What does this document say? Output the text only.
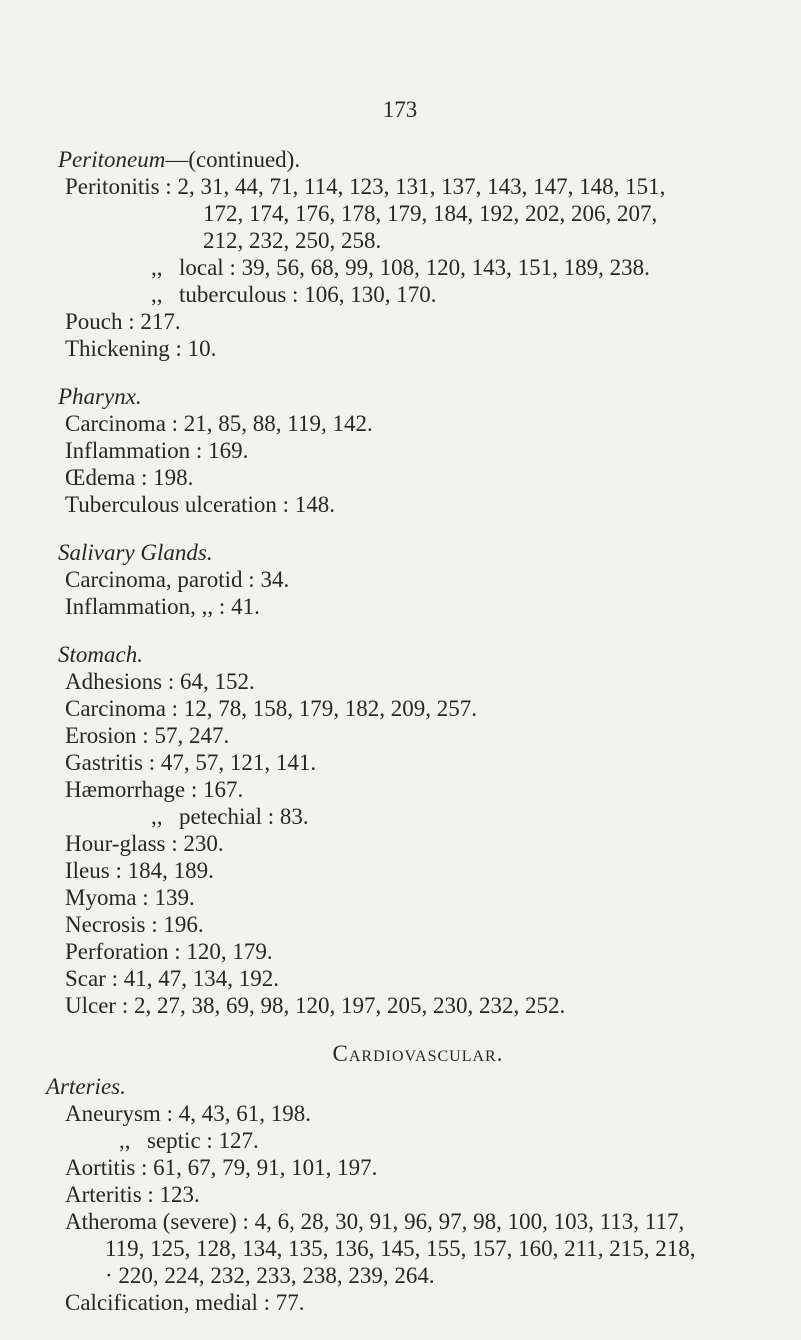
173
Peritoneum—(continued).
Peritonitis : 2, 31, 44, 71, 114, 123, 131, 137, 143, 147, 148, 151,
172, 174, 176, 178, 179, 184, 192, 202, 206, 207,
212, 232, 250, 258.
,, local : 39, 56, 68, 99, 108, 120, 143, 151, 189, 238.
,, tuberculous : 106, 130, 170.
Pouch : 217.
Thickening : 10.
Pharynx.
Carcinoma : 21, 85, 88, 119, 142.
Inflammation : 169.
Œdema : 198.
Tuberculous ulceration : 148.
Salivary Glands.
Carcinoma, parotid : 34.
Inflammation, ,, : 41.
Stomach.
Adhesions : 64, 152.
Carcinoma : 12, 78, 158, 179, 182, 209, 257.
Erosion : 57, 247.
Gastritis : 47, 57, 121, 141.
Hæmorrhage : 167.
,, petechial : 83.
Hour-glass : 230.
Ileus : 184, 189.
Myoma : 139.
Necrosis : 196.
Perforation : 120, 179.
Scar : 41, 47, 134, 192.
Ulcer : 2, 27, 38, 69, 98, 120, 197, 205, 230, 232, 252.
Cardiovascular.
Arteries.
Aneurysm : 4, 43, 61, 198.
,, septic : 127.
Aortitis : 61, 67, 79, 91, 101, 197.
Arteritis : 123.
Atheroma (severe) : 4, 6, 28, 30, 91, 96, 97, 98, 100, 103, 113, 117,
119, 125, 128, 134, 135, 136, 145, 155, 157, 160, 211, 215, 218,
· 220, 224, 232, 233, 238, 239, 264.
Calcification, medial : 77.
